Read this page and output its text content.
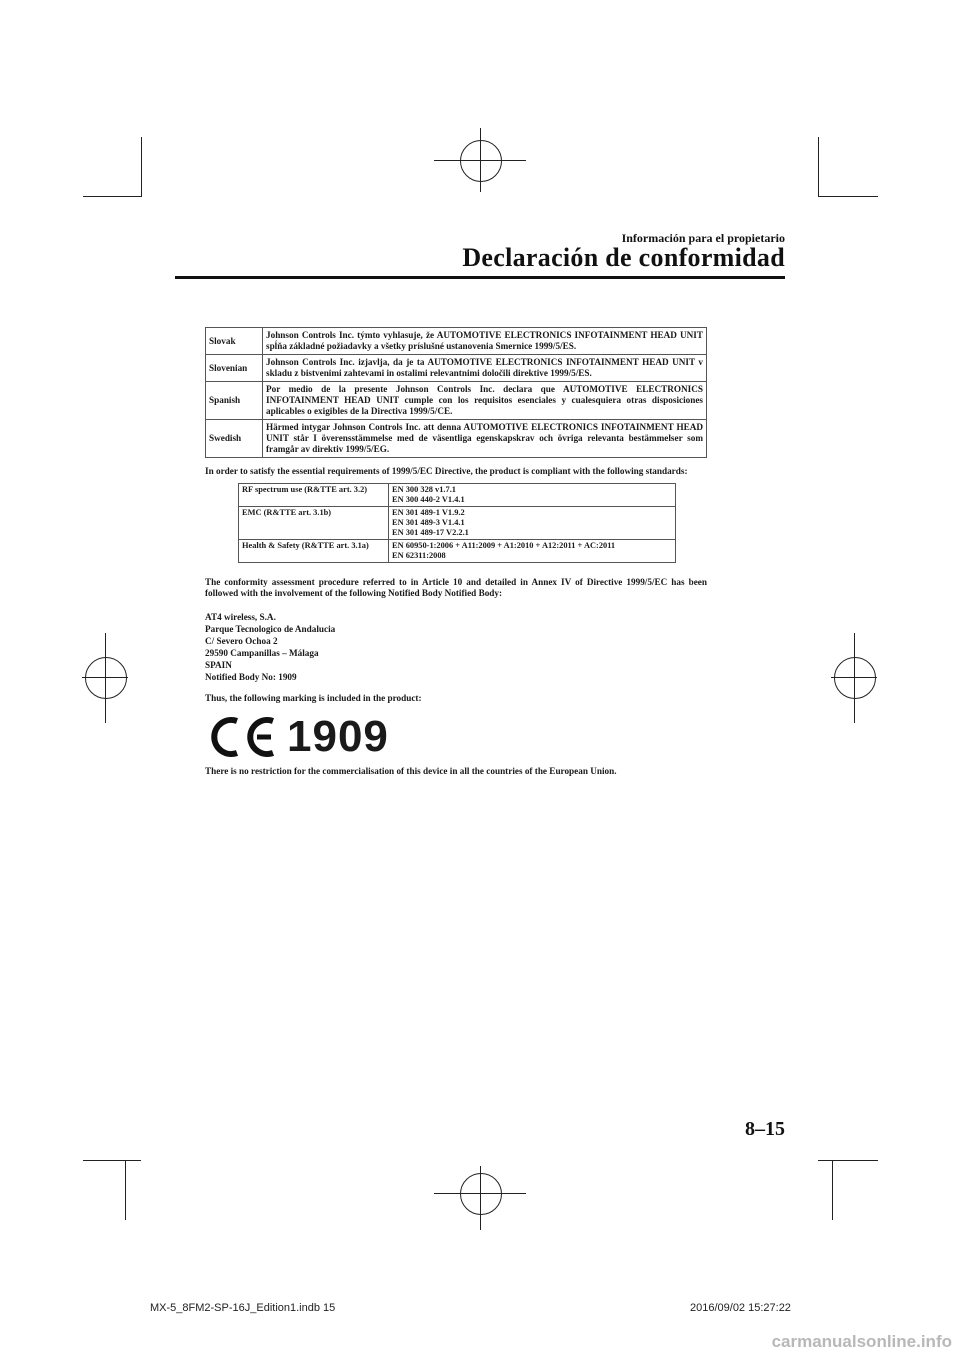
Información para el propietario
Declaración de conformidad
Slovak	Johnson Controls Inc. týmto vyhlasuje, že AUTOMOTIVE ELECTRONICS INFOTAINMENT HEAD UNIT spĺňa základné požiadavky a všetky príslušné ustanovenia Smernice 1999/5/ES.
Slovenian	Johnson Controls Inc. izjavlja, da je ta AUTOMOTIVE ELECTRONICS INFOTAINMENT HEAD UNIT v skladu z bistvenimi zahtevami in ostalimi relevantnimi določili direktive 1999/5/ES.
Spanish	Por medio de la presente Johnson Controls Inc. declara que AUTOMOTIVE ELECTRONICS INFOTAINMENT HEAD UNIT cumple con los requisitos esenciales y cualesquiera otras disposiciones aplicables o exigibles de la Directiva 1999/5/CE.
Swedish	Härmed intygar Johnson Controls Inc. att denna AUTOMOTIVE ELECTRONICS INFOTAINMENT HEAD UNIT står I överensstämmelse med de väsentliga egenskapskrav och övriga relevanta bestämmelser som framgår av direktiv 1999/5/EG.

In order to satisfy the essential requirements of 1999/5/EC Directive, the product is compliant with the following standards:

RF spectrum use (R&TTE art. 3.2)	EN 300 328 v1.7.1
EN 300 440-2 V1.4.1

EMC (R&TTE art. 3.1b)	EN 301 489-1 V1.9.2
EN 301 489-3 V1.4.1
EN 301 489-17 V2.2.1

Health & Safety (R&TTE art. 3.1a)	EN 60950-1:2006 + A11:2009 + A1:2010 + A12:2011 + AC:2011
EN 62311:2008

The conformity assessment procedure referred to in Article 10 and detailed in Annex IV of Directive 1999/5/EC has been followed with the involvement of the following Notified Body Notified Body:

AT4 wireless, S.A.
Parque Tecnologico de Andalucia
C/ Severo Ochoa 2
29590 Campanillas – Málaga
SPAIN
Notified Body No: 1909

Thus, the following marking is included in the product:

1909

There is no restriction for the commercialisation of this device in all the countries of the European Union.

8–15
MX-5_8FM2-SP-16J_Edition1.indb 15	2016/09/02 15:27:22
carmanualsonline.info
